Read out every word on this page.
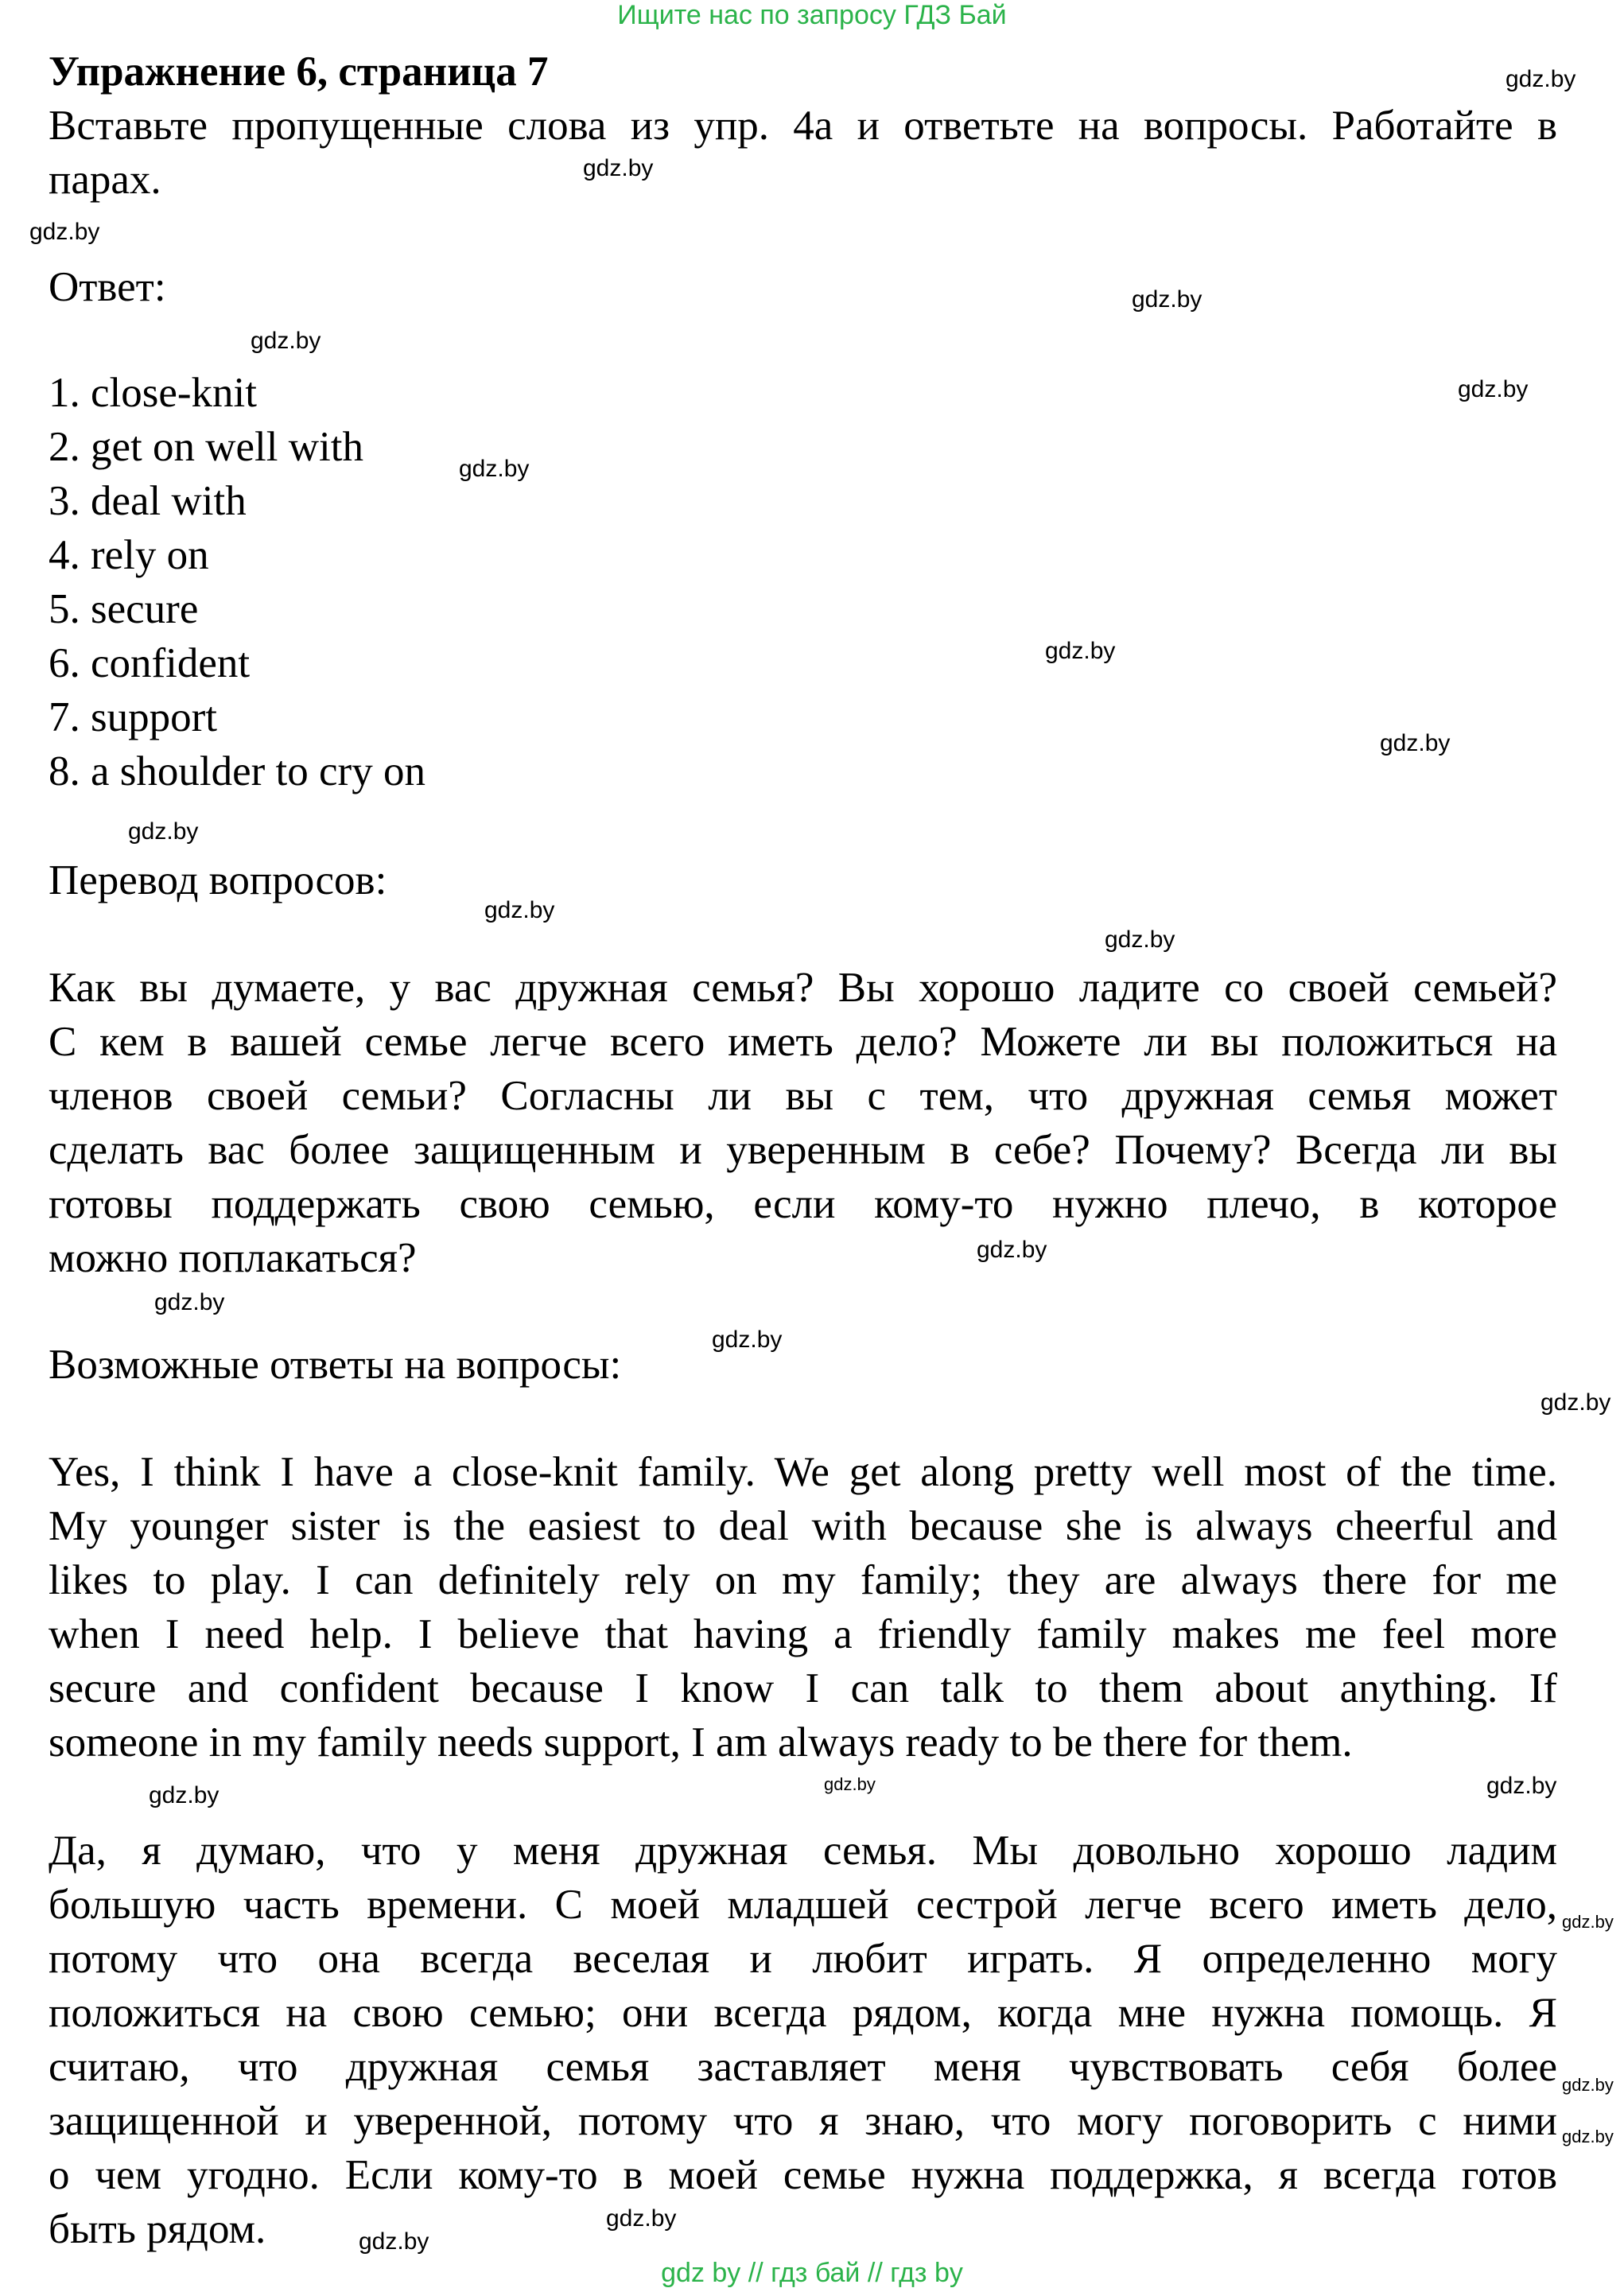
Ищите нас по запросу ГДЗ Бай
Упражнение 6, страница 7
Вставьте пропущенные слова из упр. 4a и ответьте на вопросы. Работайте в
парах.
Ответ:
1. close-knit
2. get on well with
3. deal with
4. rely on
5. secure
6. confident
7. support
8. a shoulder to cry on
Перевод вопросов:
Как вы думаете, у вас дружная семья? Вы хорошо ладите со своей семьей?
С кем в вашей семье легче всего иметь дело? Можете ли вы положиться на
членов своей семьи? Согласны ли вы с тем, что дружная семья может
сделать вас более защищенным и уверенным в себе? Почему? Всегда ли вы
готовы поддержать свою семью, если кому-то нужно плечо, в которое
можно поплакаться?
Возможные ответы на вопросы:
Yes, I think I have a close-knit family. We get along pretty well most of the time.
My younger sister is the easiest to deal with because she is always cheerful and
likes to play. I can definitely rely on my family; they are always there for me
when I need help. I believe that having a friendly family makes me feel more
secure and confident because I know I can talk to them about anything. If
someone in my family needs support, I am always ready to be there for them.
Да, я думаю, что у меня дружная семья. Мы довольно хорошо ладим
большую часть времени. С моей младшей сестрой легче всего иметь дело,
потому что она всегда веселая и любит играть. Я определенно могу
положиться на свою семью; они всегда рядом, когда мне нужна помощь. Я
считаю, что дружная семья заставляет меня чувствовать себя более
защищенной и уверенной, потому что я знаю, что могу поговорить с ними
о чем угодно. Если кому-то в моей семье нужна поддержка, я всегда готов
быть рядом.
gdz.by
gdz.by
gdz.by
gdz.by
gdz.by
gdz.by
gdz.by
gdz.by
gdz.by
gdz.by
gdz.by
gdz.by
gdz.by
gdz.by
gdz.by
gdz.by
gdz.by
gdz.by
gdz.by
gdz.by
gdz.by
gdz.by
gdz.by
gdz.by
gdz by // гдз бай // гдз by
